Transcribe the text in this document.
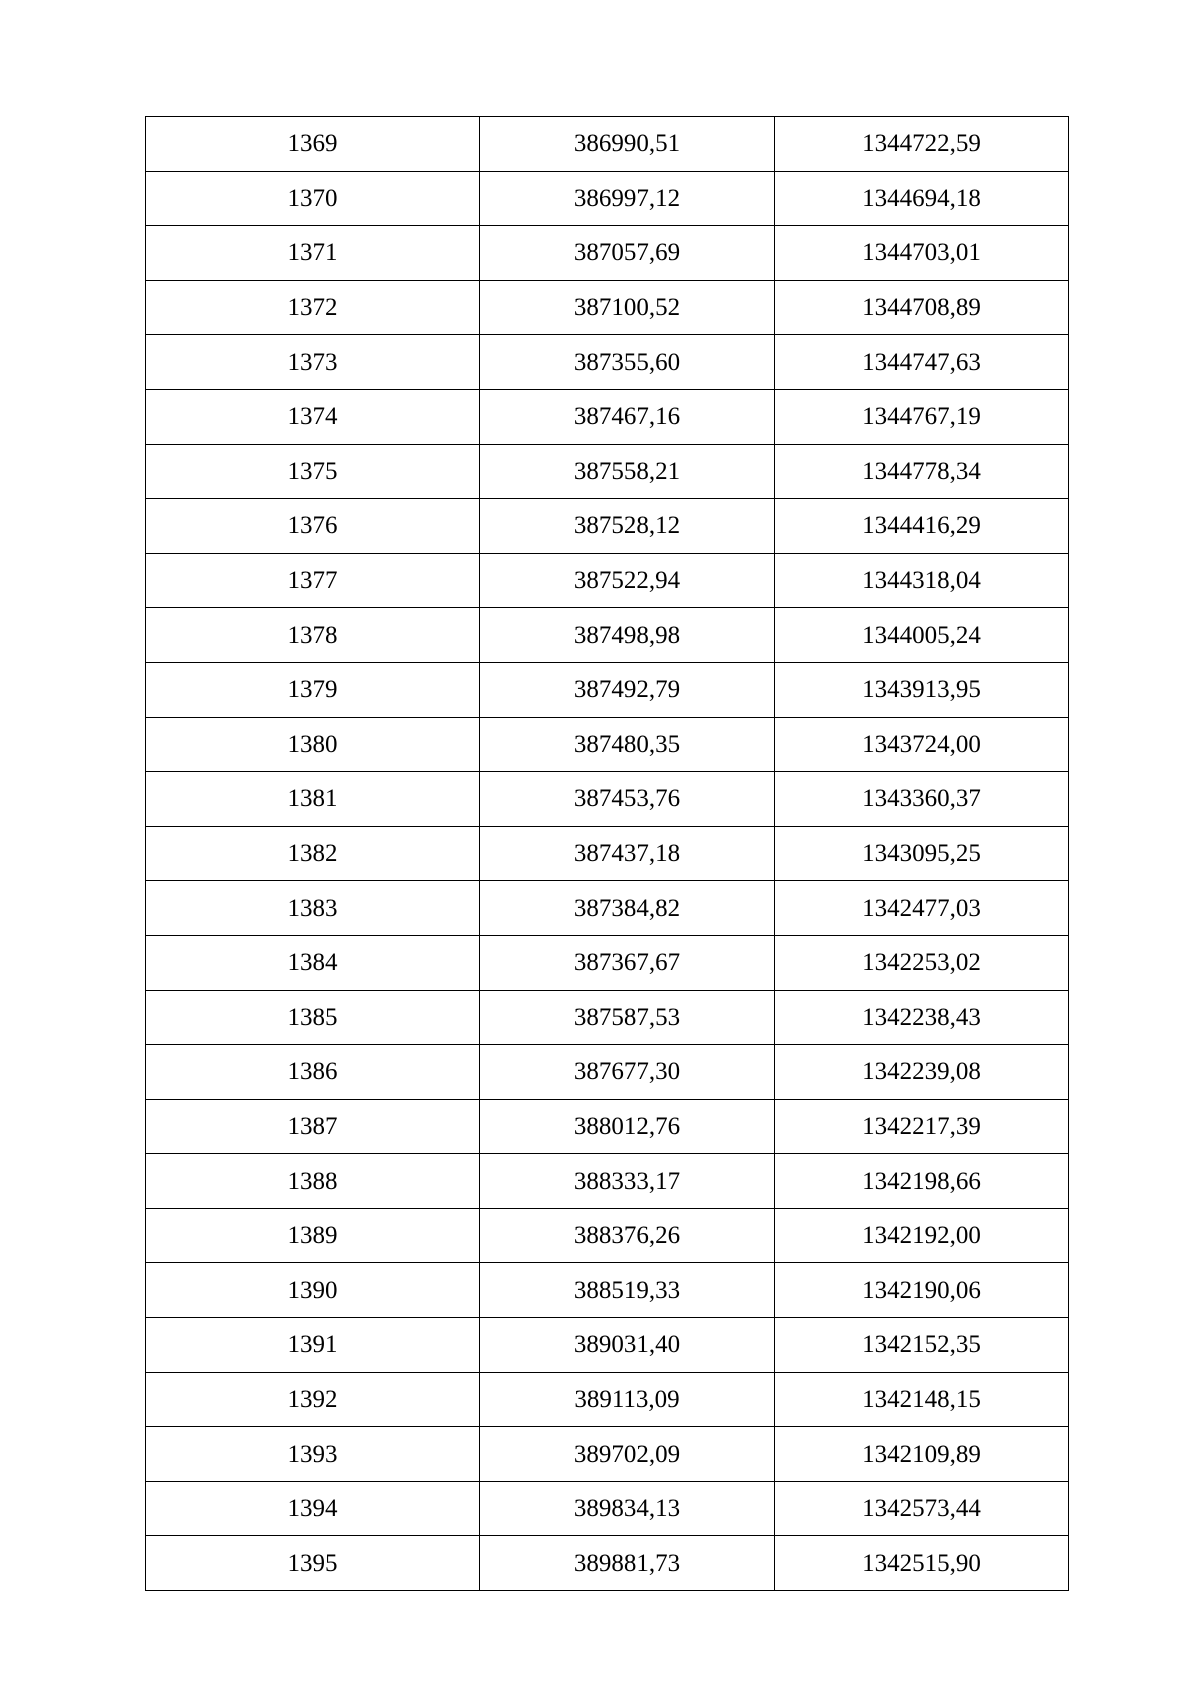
1369	386990,51	1344722,59
1370	386997,12	1344694,18
1371	387057,69	1344703,01
1372	387100,52	1344708,89
1373	387355,60	1344747,63
1374	387467,16	1344767,19
1375	387558,21	1344778,34
1376	387528,12	1344416,29
1377	387522,94	1344318,04
1378	387498,98	1344005,24
1379	387492,79	1343913,95
1380	387480,35	1343724,00
1381	387453,76	1343360,37
1382	387437,18	1343095,25
1383	387384,82	1342477,03
1384	387367,67	1342253,02
1385	387587,53	1342238,43
1386	387677,30	1342239,08
1387	388012,76	1342217,39
1388	388333,17	1342198,66
1389	388376,26	1342192,00
1390	388519,33	1342190,06
1391	389031,40	1342152,35
1392	389113,09	1342148,15
1393	389702,09	1342109,89
1394	389834,13	1342573,44
1395	389881,73	1342515,90
